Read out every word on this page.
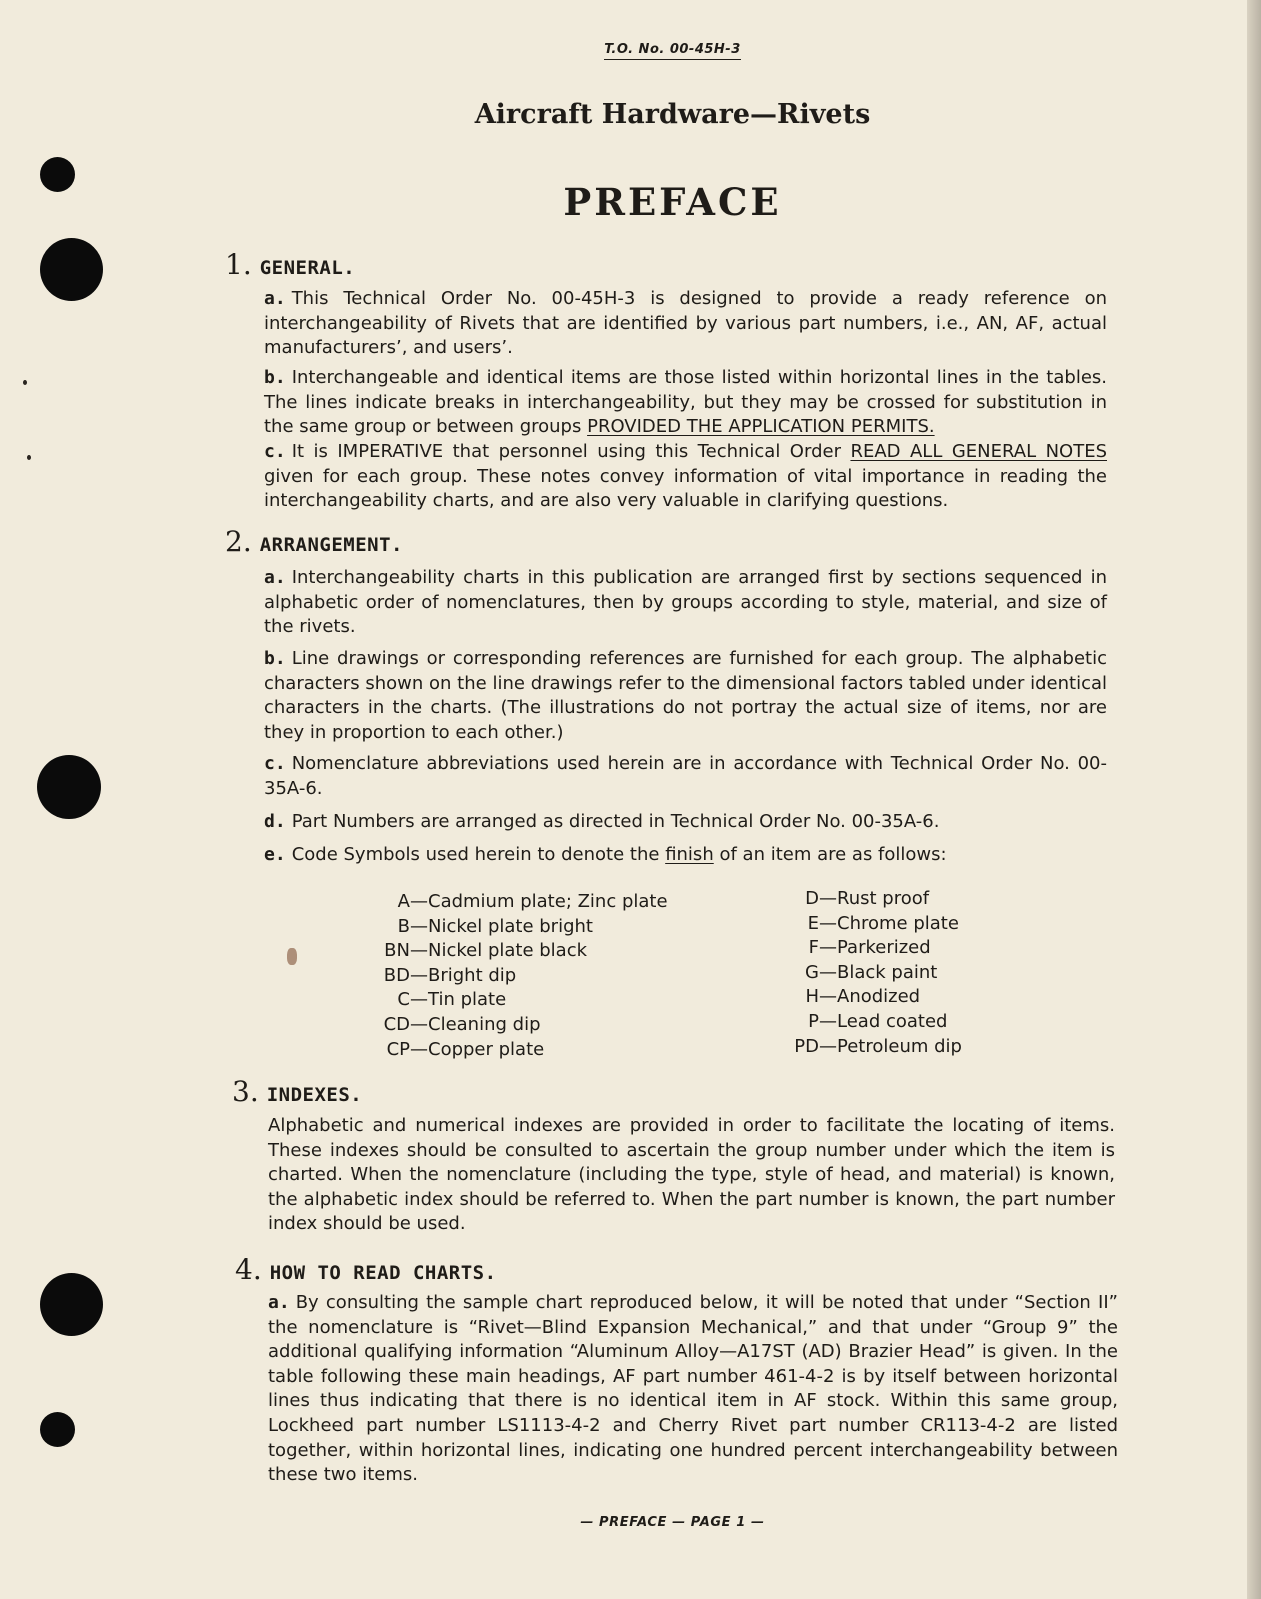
T.O. No. 00-45H-3
Aircraft Hardware—Rivets
PREFACE
1. GENERAL.
a. This Technical Order No. 00-45H-3 is designed to provide a ready reference on interchangeability of Rivets that are identified by various part numbers, i.e., AN, AF, actual manufacturers’, and users’.
b. Interchangeable and identical items are those listed within horizontal lines in the tables. The lines indicate breaks in interchangeability, but they may be crossed for substitution in the same group or between groups PROVIDED THE APPLICATION PERMITS.
c. It is IMPERATIVE that personnel using this Technical Order READ ALL GENERAL NOTES given for each group. These notes convey information of vital importance in reading the interchangeability charts, and are also very valuable in clarifying questions.
2. ARRANGEMENT.
a. Interchangeability charts in this publication are arranged first by sections sequenced in alphabetic order of nomenclatures, then by groups according to style, material, and size of the rivets.
b. Line drawings or corresponding references are furnished for each group. The alphabetic characters shown on the line drawings refer to the dimensional factors tabled under identical characters in the charts. (The illustrations do not portray the actual size of items, nor are they in proportion to each other.)
c. Nomenclature abbreviations used herein are in accordance with Technical Order No. 00-35A-6.
d. Part Numbers are arranged as directed in Technical Order No. 00-35A-6.
e. Code Symbols used herein to denote the finish of an item are as follows:
A —Cadmium plate; Zinc plate
B —Nickel plate bright
BN —Nickel plate black
BD —Bright dip
C —Tin plate
CD —Cleaning dip
CP —Copper plate
D —Rust proof
E —Chrome plate
F —Parkerized
G —Black paint
H —Anodized
P —Lead coated
PD —Petroleum dip
3. INDEXES.
Alphabetic and numerical indexes are provided in order to facilitate the locating of items. These indexes should be consulted to ascertain the group number under which the item is charted. When the nomenclature (including the type, style of head, and material) is known, the alphabetic index should be referred to. When the part number is known, the part number index should be used.
4. HOW TO READ CHARTS.
a. By consulting the sample chart reproduced below, it will be noted that under “Section II” the nomenclature is “Rivet—Blind Expansion Mechanical,” and that under “Group 9” the additional qualifying information “Aluminum Alloy—A17ST (AD) Brazier Head” is given. In the table following these main headings, AF part number 461-4-2 is by itself between horizontal lines thus indicating that there is no identical item in AF stock. Within this same group, Lockheed part number LS1113-4-2 and Cherry Rivet part number CR113-4-2 are listed together, within horizontal lines, indicating one hundred percent interchangeability between these two items.
— PREFACE — PAGE 1 —
